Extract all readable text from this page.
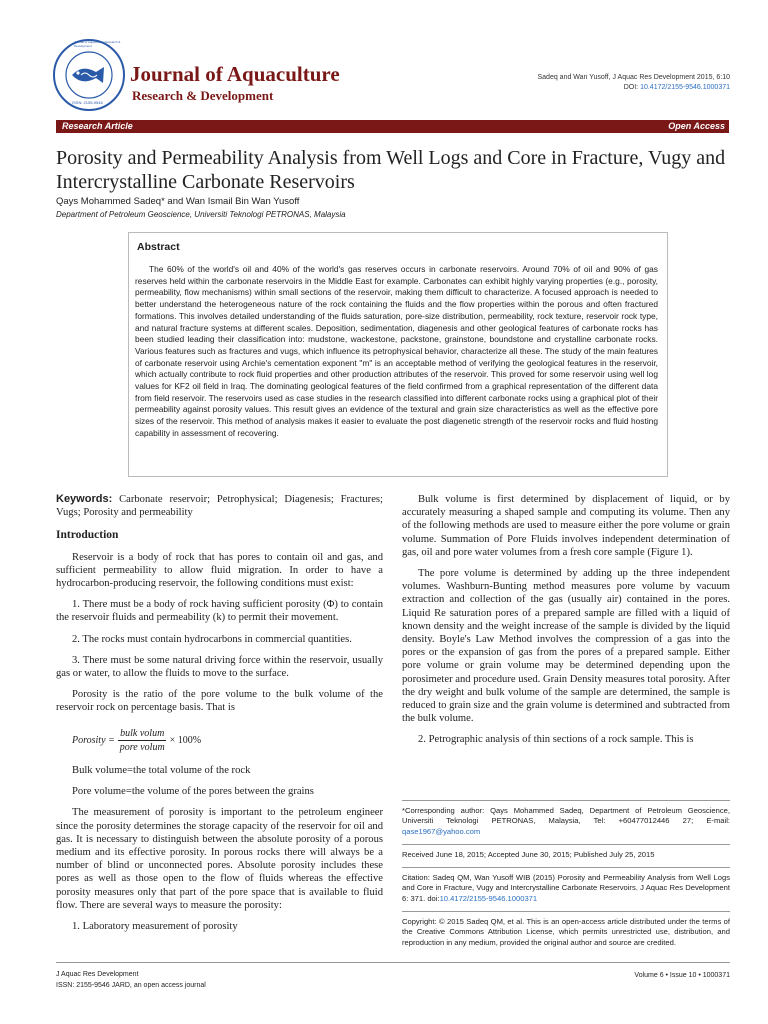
Journal of Aquaculture Research & Development
ISSN: 2155-9546
Journal of Aquaculture
Research & Development
Sadeq and Wan Yusoff, J Aquac Res Development 2015, 6:10
DOI: 10.4172/2155-9546.1000371
Research Article	Open Access
Porosity and Permeability Analysis from Well Logs and Core in Fracture, Vugy and Intercrystalline Carbonate Reservoirs
Qays Mohammed Sadeq* and Wan Ismail Bin Wan Yusoff
Department of Petroleum Geoscience, Universiti Teknologi PETRONAS, Malaysia
Abstract

The 60% of the world's oil and 40% of the world's gas reserves occurs in carbonate reservoirs. Around 70% of oil and 90% of gas reserves held within the carbonate reservoirs in the Middle East for example. Carbonates can exhibit highly varying properties (e.g., porosity, permeability, flow mechanisms) within small sections of the reservoir, making them difficult to characterize. A focused approach is needed to better understand the heterogeneous nature of the rock containing the fluids and the flow properties within the porous and often fractured formations. This involves detailed understanding of the fluids saturation, pore-size distribution, permeability, rock texture, reservoir rock type, and natural fracture systems at different scales. Deposition, sedimentation, diagenesis and other geological features of carbonate rocks has been studied leading their classification into: mudstone, wackestone, packstone, grainstone, boundstone and crystalline carbonate rocks. Various features such as fractures and vugs, which influence its petrophysical behavior, characterize all these. The study of the main features of carbonate reservoir using Archie's cementation exponent "m" is an acceptable method of verifying the geological features in the reservoir, which actually contribute to rock fluid properties and other production attributes of the reservoir. This proved for some reservoir using well log values for KF2 oil field in Iraq. The dominating geological features of the field confirmed from a graphical representation of the different data from field reservoir. The reservoirs used as case studies in the research classified into different carbonate rocks using a graphical plot of their permeability against porosity values. This result gives an evidence of the textural and grain size characteristics as well as the effective pore sizes of the reservoir. This method of analysis makes it easier to evaluate the post diagenetic strength of the reservoir rocks and fluid hosting capability in assessment of recovering.

Keywords: Carbonate reservoir; Petrophysical; Diagenesis; Fractures; Vugs; Porosity and permeability

Introduction

Reservoir is a body of rock that has pores to contain oil and gas, and sufficient permeability to allow fluid migration. In order to have a hydrocarbon-producing reservoir, the following conditions must exist:

1. There must be a body of rock having sufficient porosity (Φ) to contain the reservoir fluids and permeability (k) to permit their movement.

2. The rocks must contain hydrocarbons in commercial quantities.

3. There must be some natural driving force within the reservoir, usually gas or water, to allow the fluids to move to the surface.

Porosity is the ratio of the pore volume to the bulk volume of the reservoir rock on percentage basis. That is

Porosity = $\frac{\text{bulk volum}}{\text{pore volum}} \times 100\%$

Bulk volume=the total volume of the rock

Pore volume=the volume of the pores between the grains

The measurement of porosity is important to the petroleum engineer since the porosity determines the storage capacity of the reservoir for oil and gas. It is necessary to distinguish between the absolute porosity of a porous medium and its effective porosity. In porous rocks there will always be a number of blind or unconnected pores. Absolute porosity includes these pores as well as those open to the flow of fluids whereas the effective porosity measures only that part of the pore space that is available to fluid flow. There are several ways to measure the porosity:

1. Laboratory measurement of porosity

Bulk volume is first determined by displacement of liquid, or by accurately measuring a shaped sample and computing its volume. Then any of the following methods are used to measure either the pore volume or grain volume. Summation of Pore Fluids involves independent determination of gas, oil and pore water volumes from a fresh core sample (Figure 1).

The pore volume is determined by adding up the three independent volumes. Washburn-Bunting method measures pore volume by vacuum extraction and collection of the gas (usually air) contained in the pores. Liquid Re saturation pores of a prepared sample are filled with a liquid of known density and the weight increase of the sample is divided by the liquid density. Boyle's Law Method involves the compression of a gas into the pores or the expansion of gas from the pores of a prepared sample. Either pore volume or grain volume may be determined depending upon the porosimeter and procedure used. Grain Density measures total porosity. After the dry weight and bulk volume of the sample are determined, the sample is reduced to grain size and the grain volume is determined and subtracted from the bulk volume.

2. Petrographic analysis of thin sections of a rock sample. This is

*Corresponding author: Qays Mohammed Sadeq, Department of Petroleum Geoscience, Universiti Teknologi PETRONAS, Malaysia, Tel: +60477012446 27; E-mail: qase1967@yahoo.com

Received June 18, 2015; Accepted June 30, 2015; Published July 25, 2015

Citation: Sadeq QM, Wan Yusoff WIB (2015) Porosity and Permeability Analysis from Well Logs and Core in Fracture, Vugy and Intercrystalline Carbonate Reservoirs. J Aquac Res Development 6: 371. doi:10.4172/2155-9546.1000371

Copyright: © 2015 Sadeq QM, et al. This is an open-access article distributed under the terms of the Creative Commons Attribution License, which permits unrestricted use, distribution, and reproduction in any medium, provided the original author and source are credited.

J Aquac Res Development
ISSN: 2155-9546 JARD, an open access journal
Volume 6 • Issue 10 • 1000371
